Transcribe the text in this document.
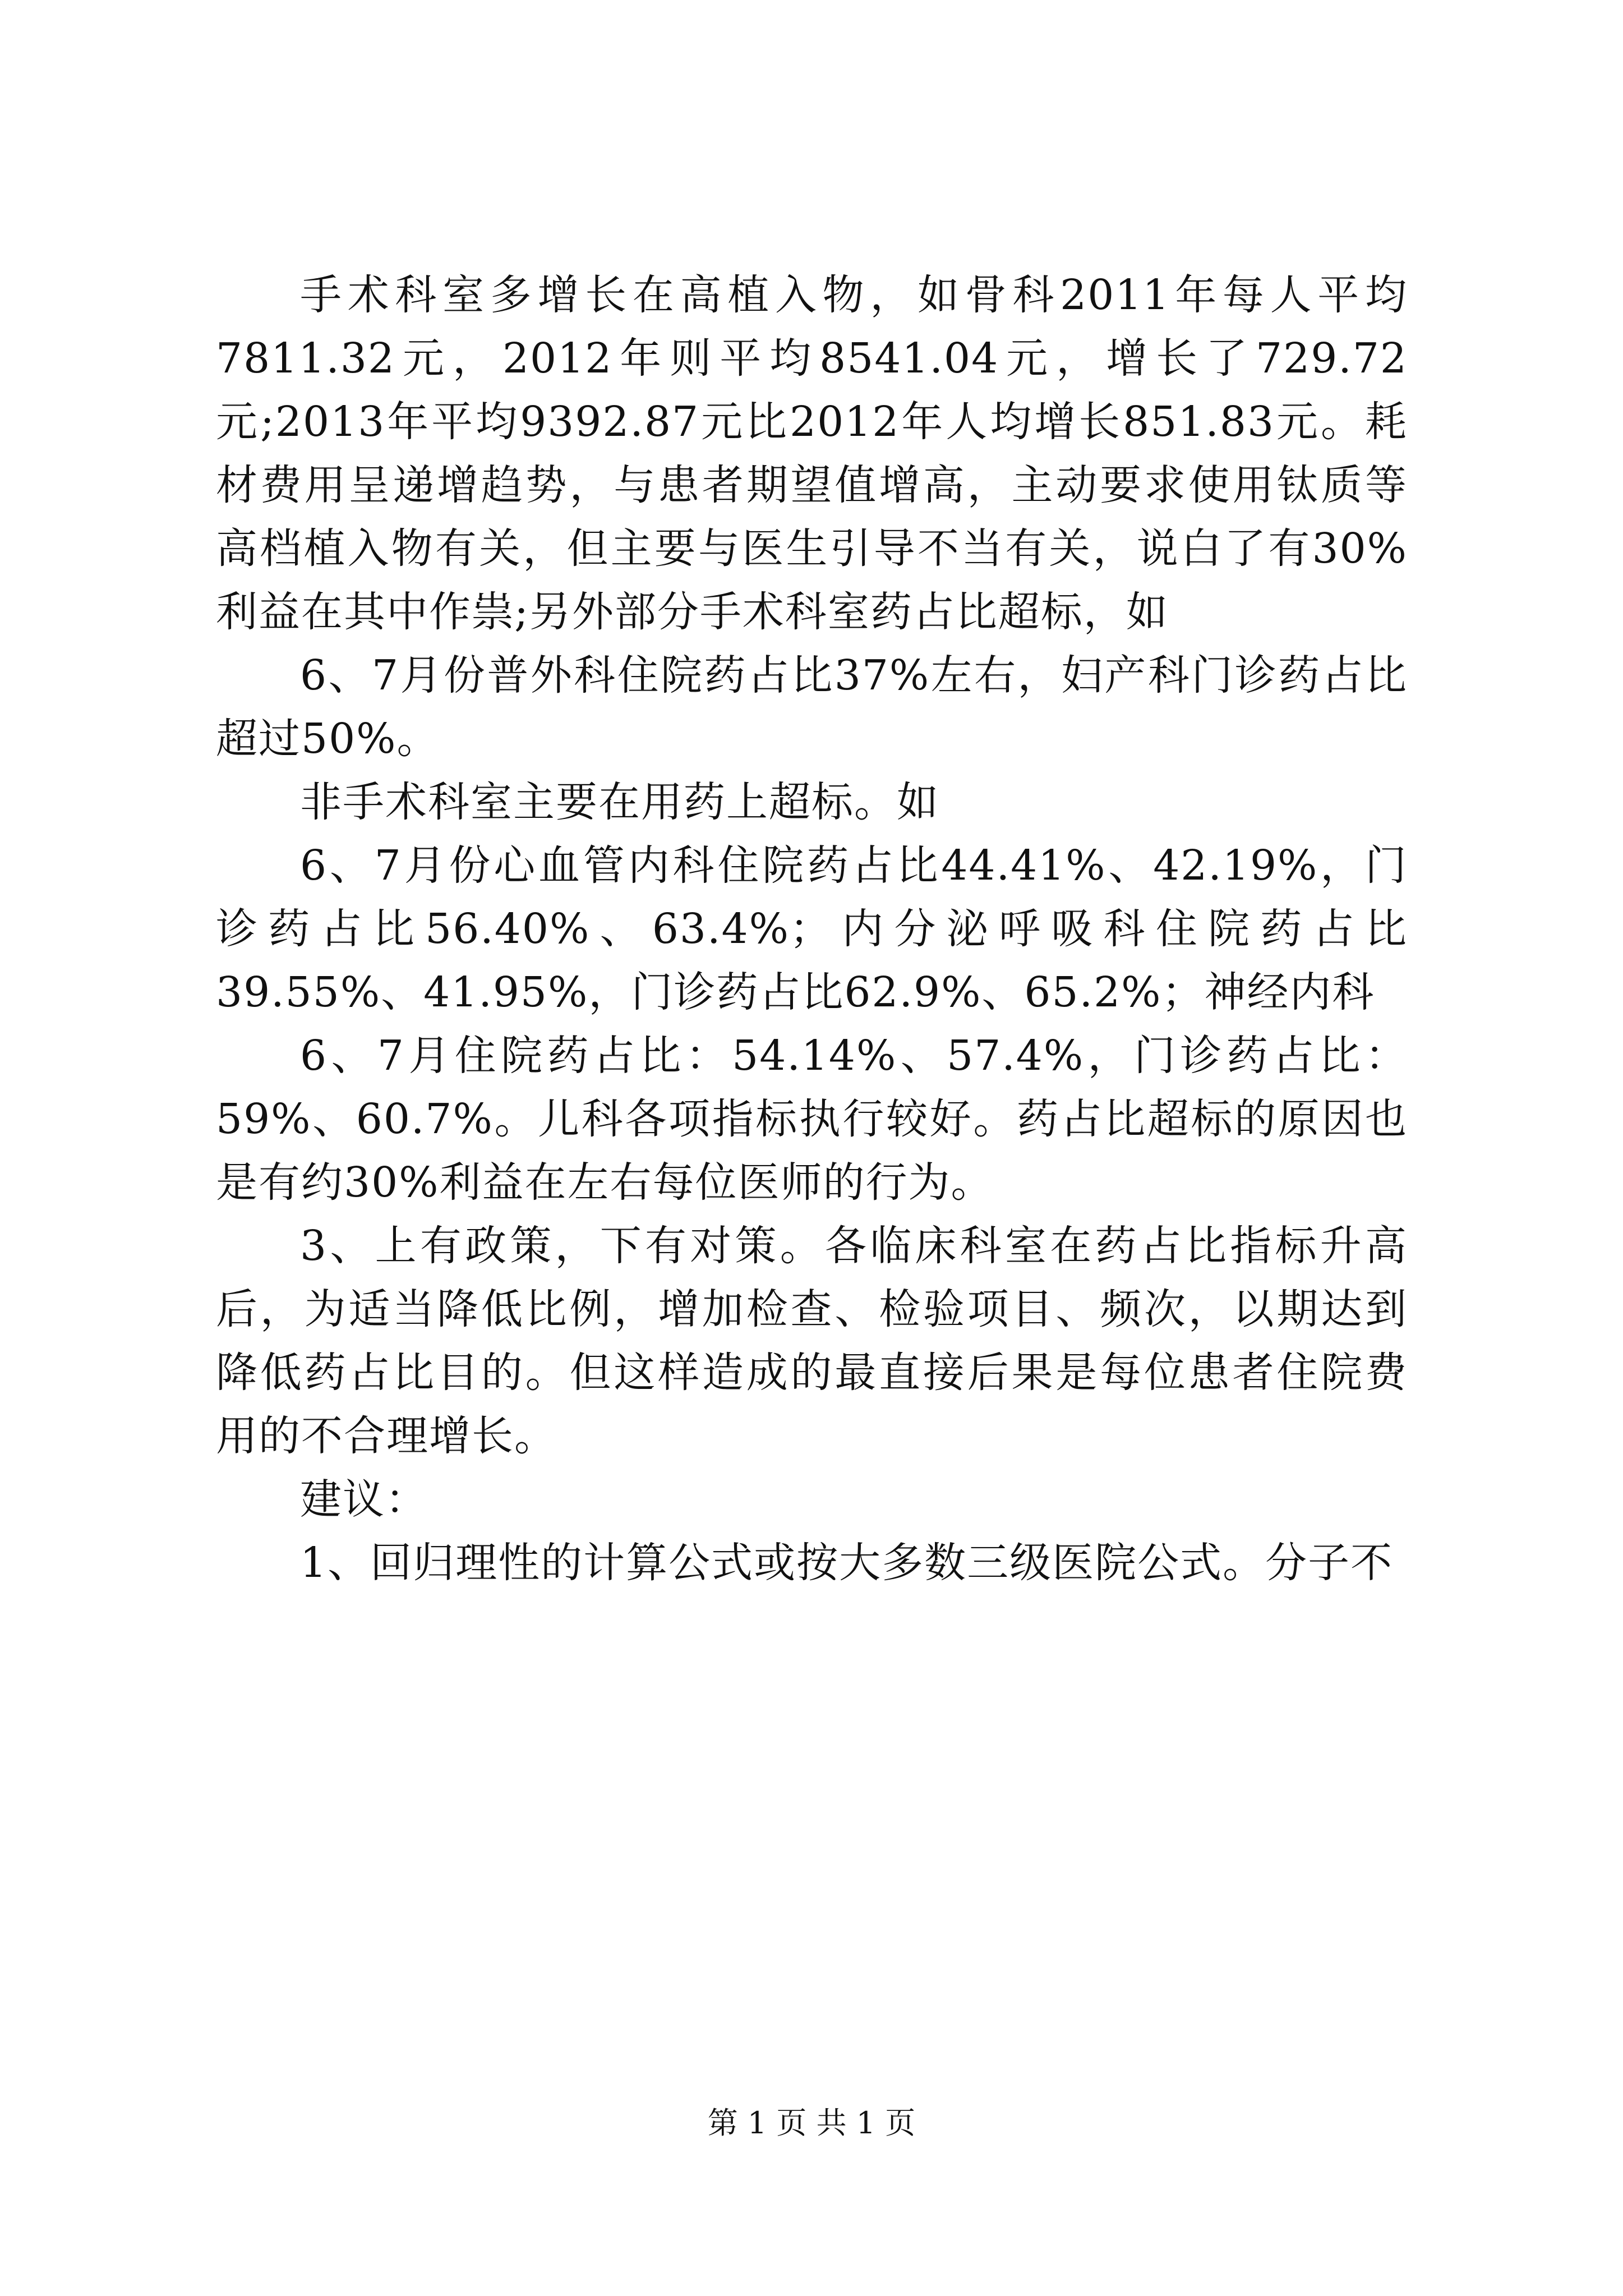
手术科室多增长在高植入物，如骨科2011年每人平均7811.32元，2012年则平均8541.04元，增长了729.72元;2013年平均9392.87元比2012年人均增长851.83元。耗材费用呈递增趋势，与患者期望值增高，主动要求使用钛质等高档植入物有关，但主要与医生引导不当有关，说白了有30%利益在其中作祟;另外部分手术科室药占比超标，如

6、7月份普外科住院药占比37%左右，妇产科门诊药占比超过50%。

非手术科室主要在用药上超标。如

6、7月份心血管内科住院药占比44.41%、42.19%，门诊药占比56.40%、63.4%；内分泌呼吸科住院药占比39.55%、41.95%，门诊药占比62.9%、65.2%；神经内科

6、7月住院药占比：54.14%、57.4%，门诊药占比：59%、60.7%。儿科各项指标执行较好。药占比超标的原因也是有约30%利益在左右每位医师的行为。

3、上有政策，下有对策。各临床科室在药占比指标升高后，为适当降低比例，增加检查、检验项目、频次，以期达到降低药占比目的。但这样造成的最直接后果是每位患者住院费用的不合理增长。

建议：

1、回归理性的计算公式或按大多数三级医院公式。分子不

第 1 页 共 1 页
